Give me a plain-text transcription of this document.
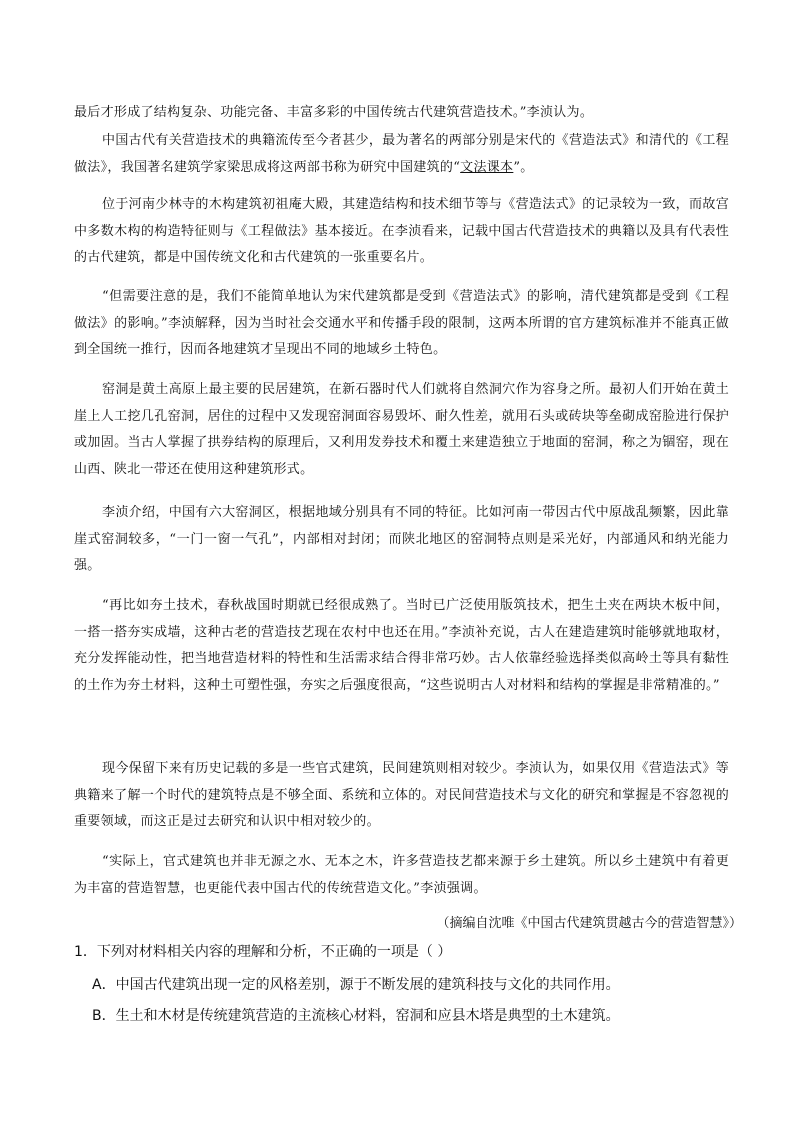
最后才形成了结构复杂、功能完备、丰富多彩的中国传统古代建筑营造技术。”李浈认为。

中国古代有关营造技术的典籍流传至今者甚少，最为著名的两部分别是宋代的《营造法式》和清代的《工程做法》，我国著名建筑学家梁思成将这两部书称为研究中国建筑的“文法课本”。

位于河南少林寺的木构建筑初祖庵大殿，其建造结构和技术细节等与《营造法式》的记录较为一致，而故宫中多数木构的构造特征则与《工程做法》基本接近。在李浈看来，记载中国古代营造技术的典籍以及具有代表性的古代建筑，都是中国传统文化和古代建筑的一张重要名片。

“但需要注意的是，我们不能简单地认为宋代建筑都是受到《营造法式》的影响，清代建筑都是受到《工程做法》的影响。”李浈解释，因为当时社会交通水平和传播手段的限制，这两本所谓的官方建筑标准并不能真正做到全国统一推行，因而各地建筑才呈现出不同的地域乡土特色。

窑洞是黄土高原上最主要的民居建筑，在新石器时代人们就将自然洞穴作为容身之所。最初人们开始在黄土崖上人工挖几孔窑洞，居住的过程中又发现窑洞面容易毁坏、耐久性差，就用石头或砖块等垒砌成窑脸进行保护或加固。当古人掌握了拱券结构的原理后，又利用发券技术和覆土来建造独立于地面的窑洞，称之为锢窑，现在山西、陕北一带还在使用这种建筑形式。

李浈介绍，中国有六大窑洞区，根据地域分别具有不同的特征。比如河南一带因古代中原战乱频繁，因此靠崖式窑洞较多，“一门一窗一气孔”，内部相对封闭；而陕北地区的窑洞特点则是采光好，内部通风和纳光能力强。

“再比如夯土技术，春秋战国时期就已经很成熟了。当时已广泛使用版筑技术，把生土夹在两块木板中间，一搭一搭夯实成墙，这种古老的营造技艺现在农村中也还在用。”李浈补充说，古人在建造建筑时能够就地取材，充分发挥能动性，把当地营造材料的特性和生活需求结合得非常巧妙。古人依靠经验选择类似高岭土等具有黏性的土作为夯土材料，这种土可塑性强，夯实之后强度很高，“这些说明古人对材料和结构的掌握是非常精准的。”

现今保留下来有历史记载的多是一些官式建筑，民间建筑则相对较少。李浈认为，如果仅用《营造法式》等典籍来了解一个时代的建筑特点是不够全面、系统和立体的。对民间营造技术与文化的研究和掌握是不容忽视的重要领域，而这正是过去研究和认识中相对较少的。

“实际上，官式建筑也并非无源之水、无本之木，许多营造技艺都来源于乡土建筑。所以乡土建筑中有着更为丰富的营造智慧，也更能代表中国古代的传统营造文化。”李浈强调。

（摘编自沈唯《中国古代建筑贯越古今的营造智慧》）

1．下列对材料相关内容的理解和分析，不正确的一项是（ ）

A．中国古代建筑出现一定的风格差别，源于不断发展的建筑科技与文化的共同作用。

B．生土和木材是传统建筑营造的主流核心材料，窑洞和应县木塔是典型的土木建筑。
